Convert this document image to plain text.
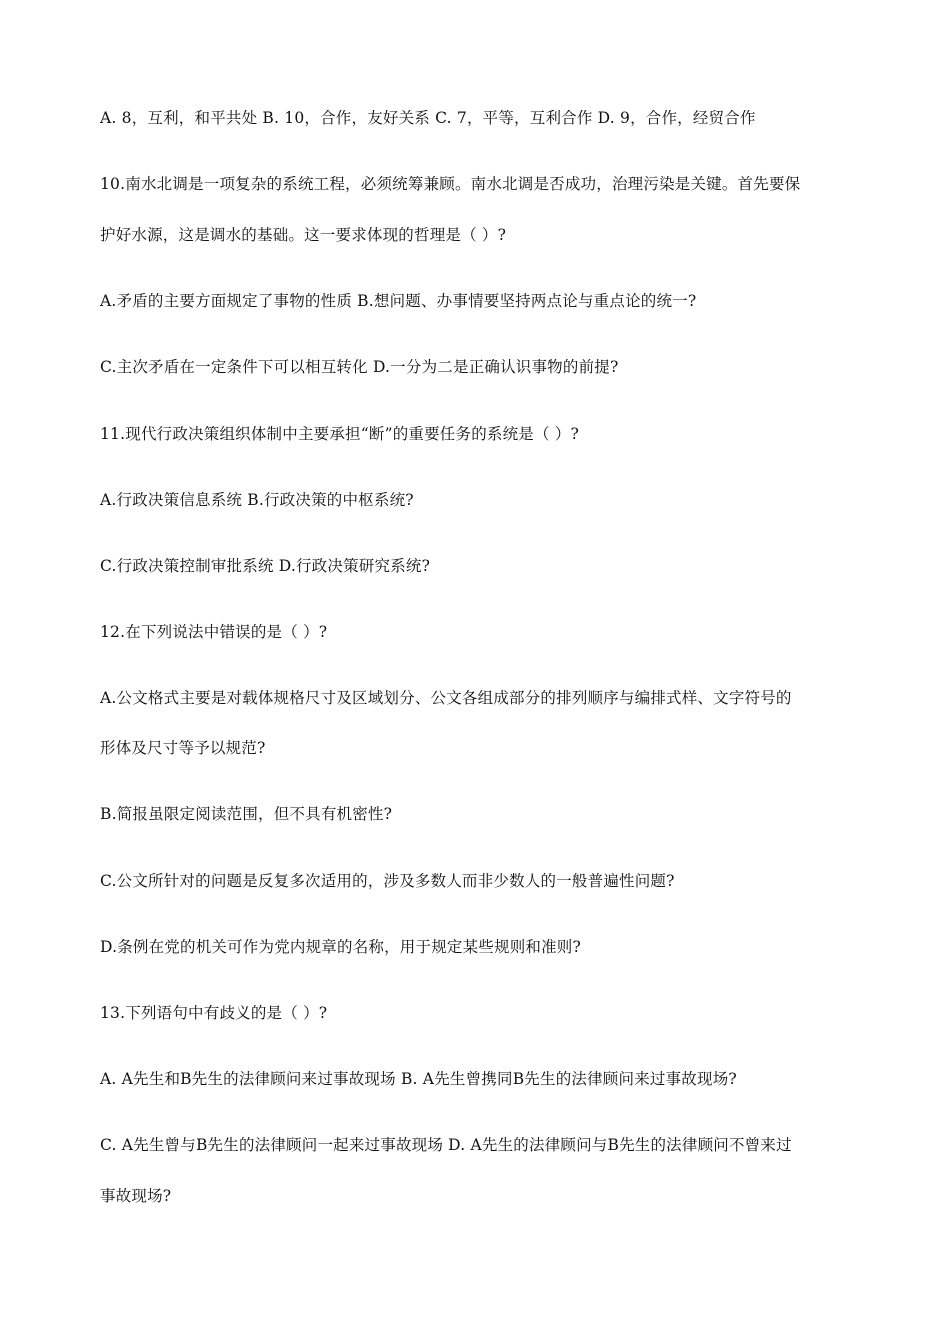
A. 8，互利，和平共处 B. 10，合作，友好关系 C. 7，平等，互利合作 D. 9，合作，经贸合作
10.南水北调是一项复杂的系统工程，必须统筹兼顾。南水北调是否成功，治理污染是关键。首先要保
护好水源，这是调水的基础。这一要求体现的哲理是（ ）?
A.矛盾的主要方面规定了事物的性质 B.想问题、办事情要坚持两点论与重点论的统一?
C.主次矛盾在一定条件下可以相互转化 D.一分为二是正确认识事物的前提?
11.现代行政决策组织体制中主要承担“断”的重要任务的系统是（ ）?
A.行政决策信息系统 B.行政决策的中枢系统?
C.行政决策控制审批系统 D.行政决策研究系统?
12.在下列说法中错误的是（ ）?
A.公文格式主要是对载体规格尺寸及区域划分、公文各组成部分的排列顺序与编排式样、文字符号的
形体及尺寸等予以规范?
B.简报虽限定阅读范围，但不具有机密性?
C.公文所针对的问题是反复多次适用的，涉及多数人而非少数人的一般普遍性问题?
D.条例在党的机关可作为党内规章的名称，用于规定某些规则和准则?
13.下列语句中有歧义的是（ ）?
A. A先生和B先生的法律顾问来过事故现场 B. A先生曾携同B先生的法律顾问来过事故现场?
C. A先生曾与B先生的法律顾问一起来过事故现场 D. A先生的法律顾问与B先生的法律顾问不曾来过
事故现场?
